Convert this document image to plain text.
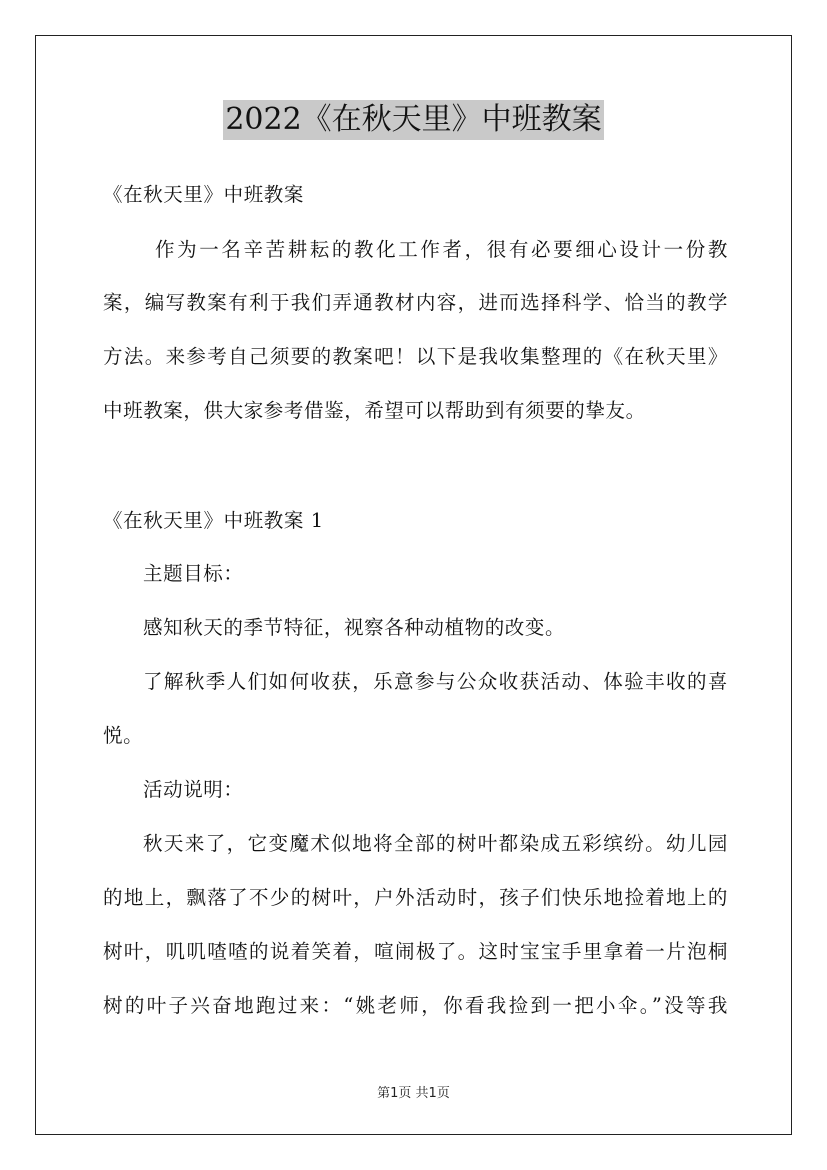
2022《在秋天里》中班教案
《在秋天里》中班教案
作为一名辛苦耕耘的教化工作者，很有必要细心设计一份教
案，编写教案有利于我们弄通教材内容，进而选择科学、恰当的教学
方法。来参考自己须要的教案吧！以下是我收集整理的《在秋天里》
中班教案，供大家参考借鉴，希望可以帮助到有须要的挚友。
《在秋天里》中班教案 1
主题目标：
感知秋天的季节特征，视察各种动植物的改变。
了解秋季人们如何收获，乐意参与公众收获活动、体验丰收的喜
悦。
活动说明：
秋天来了，它变魔术似地将全部的树叶都染成五彩缤纷。幼儿园
的地上，飘落了不少的树叶，户外活动时，孩子们快乐地捡着地上的
树叶，叽叽喳喳的说着笑着，喧闹极了。这时宝宝手里拿着一片泡桐
树的叶子兴奋地跑过来：“姚老师，你看我捡到一把小伞。”没等我
第1页 共1页
